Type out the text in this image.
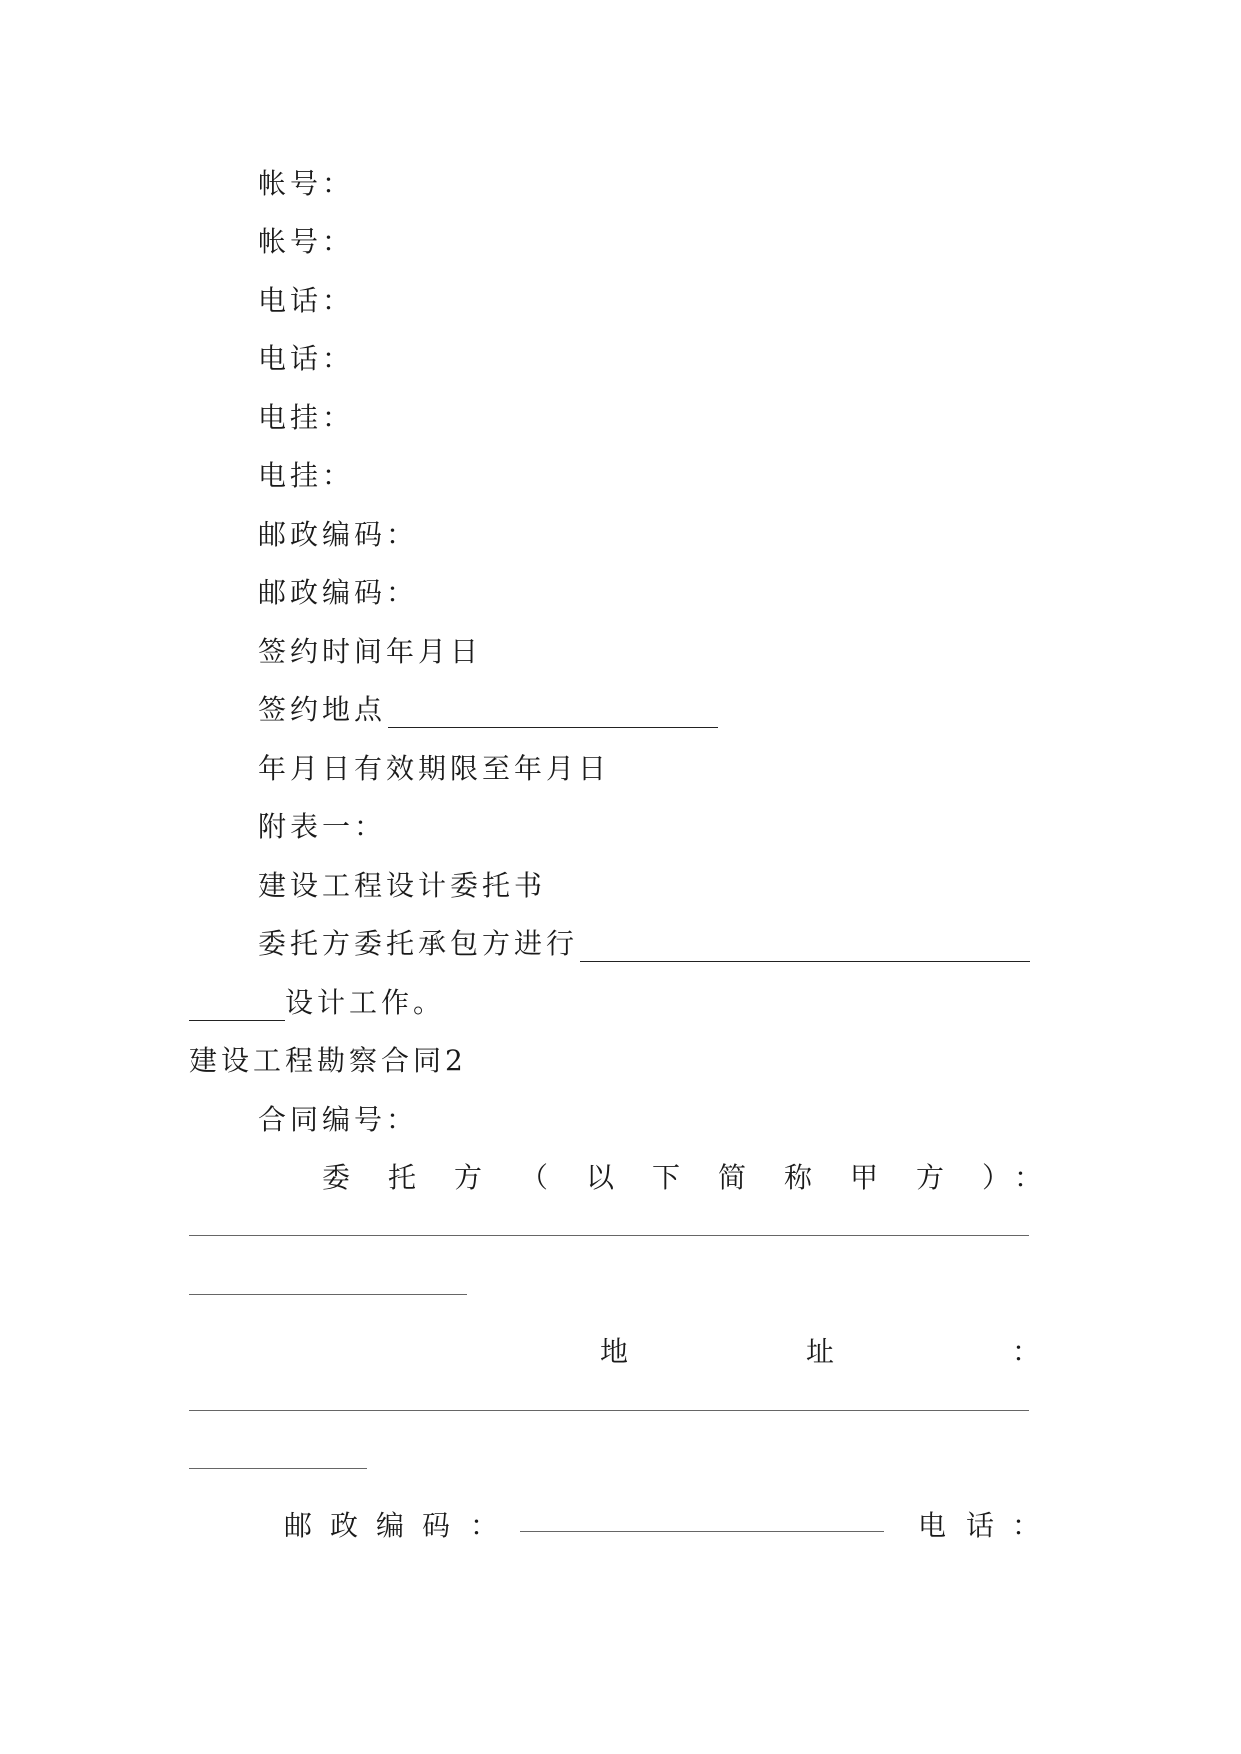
帐号：
帐号：
电话：
电话：
电挂：
电挂：
邮政编码：
邮政编码：
签约时间年月日
签约地点
年月日有效期限至年月日
附表一：
建设工程设计委托书
委托方委托承包方进行
设计工作。
建设工程勘察合同2
合同编号：
委 托 方 （ 以 下 简 称 甲 方 ） ：
地	址	：
邮 政 编 码 ：	电 话 ：
